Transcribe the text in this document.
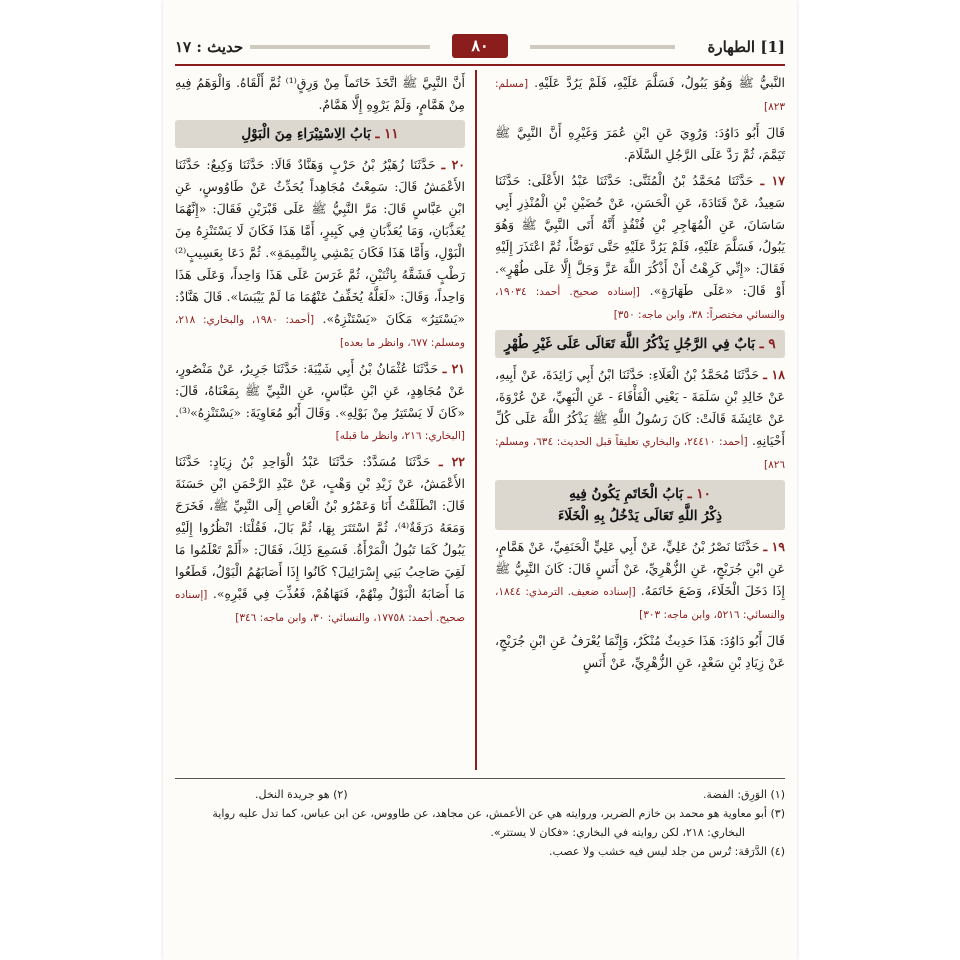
[1] الطهارة
٨٠
حديث : ١٧

النَّبيُّ ﷺ وَهُوَ يَبُولُ، فَسَلَّمَ عَلَيْهِ، فَلَمْ يَرُدَّ عَلَيْهِ. [مسلم: ٨٢٣]

قَالَ أَبُو دَاوُدَ: وَرُوِيَ عَنِ ابْنِ عُمَرَ وَغَيْرِهِ أَنَّ النَّبِيَّ ﷺ تَيَمَّمَ، ثُمَّ رَدَّ عَلَى الرَّجُلِ السَّلَامَ.

١٧ ـ حَدَّثَنَا مُحَمَّدُ بْنُ الْمُثَنَّى: حَدَّثَنَا عَبْدُ الأَعْلَى: حَدَّثَنَا سَعِيدٌ، عَنْ قَتَادَةَ، عَنِ الْحَسَنِ، عَنْ حُضَيْنِ بْنِ الْمُنْذِرِ أَبِي سَاسَانَ، عَنِ الْمُهَاجِرِ بْنِ قُنْفُذٍ أَنَّهُ أَتَى النَّبِيَّ ﷺ وَهُوَ يَبُولُ، فَسَلَّمَ عَلَيْهِ، فَلَمْ يَرُدَّ عَلَيْهِ حَتَّى تَوَضَّأَ، ثُمَّ اعْتَذَرَ إِلَيْهِ فَقَالَ: «إِنِّي كَرِهْتُ أَنْ أَذْكُرَ اللَّهَ عَزَّ وَجَلَّ إِلَّا عَلَى طُهْرٍ». أَوْ قَالَ: «عَلَى طَهَارَةٍ». [إسناده صحيح. أحمد: ١٩٠٣٤، والنسائي مختصراً: ٣٨، وابن ماجه: ٣٥٠]

٩ ـ بَابٌ فِي الرَّجُلِ يَذْكُرُ اللَّهَ تَعَالَى عَلَى غَيْرِ طُهْرٍ

١٨ ـ حَدَّثَنَا مُحَمَّدُ بْنُ الْعَلَاءِ: حَدَّثَنَا ابْنُ أَبِي زَائِدَةَ، عَنْ أَبِيهِ، عَنْ خَالِدِ بْنِ سَلَمَةَ - يَعْنِي الْفَأْفَاءَ - عَنِ الْبَهِيِّ، عَنْ عُرْوَةَ، عَنْ عَائِشَةَ قَالَتْ: كَانَ رَسُولُ اللَّهِ ﷺ يَذْكُرُ اللَّهَ عَلَى كُلِّ أَحْيَانِهِ. [أحمد: ٢٤٤١٠، والبخاري تعليقاً قبل الحديث: ٦٣٤، ومسلم: ٨٢٦]

١٠ ـ بَابُ الْخَاتَمِ يَكُونُ فِيهِ
ذِكْرُ اللَّهِ تَعَالَى يَدْخُلُ بِهِ الْخَلَاءَ

١٩ ـ حَدَّثَنَا نَصْرُ بْنُ عَلِيٍّ، عَنْ أَبِي عَلِيٍّ الْحَنَفِيِّ، عَنْ هَمَّامٍ، عَنِ ابْنِ جُرَيْجٍ، عَنِ الزُّهْرِيِّ، عَنْ أَنَسٍ قَالَ: كَانَ النَّبِيُّ ﷺ إِذَا دَخَلَ الْخَلَاءَ، وَضَعَ خَاتَمَهُ. [إسناده ضعيف. الترمذي: ١٨٤٤، والنسائي: ٥٢١٦، وابن ماجه: ٣٠٣]

قَالَ أَبُو دَاوُدَ: هَذَا حَدِيثٌ مُنْكَرٌ، وَإِنَّمَا يُعْرَفُ عَنِ ابْنِ جُرَيْجٍ، عَنْ زِيَادِ بْنِ سَعْدٍ، عَنِ الزُّهْرِيِّ، عَنْ أَنَسٍ

أَنَّ النَّبِيَّ ﷺ اتَّخَذَ خَاتَماً مِنْ وَرِقٍ⁽¹⁾ ثُمَّ أَلْقَاهُ. وَالْوَهَمُ فِيهِ مِنْ هَمَّامٍ، وَلَمْ يَرْوِهِ إِلَّا هَمَّامٌ.

١١ ـ بَابُ الِاسْتِبْرَاءِ مِنَ الْبَوْلِ

٢٠ ـ حَدَّثَنَا زُهَيْرُ بْنُ حَرْبٍ وَهَنَّادٌ قَالَا: حَدَّثَنَا وَكِيعٌ: حَدَّثَنَا الأَعْمَشُ قَالَ: سَمِعْتُ مُجَاهِداً يُحَدِّثُ عَنْ طَاوُوسٍ، عَنِ ابْنِ عَبَّاسٍ قَالَ: مَرَّ النَّبِيُّ ﷺ عَلَى قَبْرَيْنِ فَقَالَ: «إِنَّهُمَا يُعَذَّبَانِ، وَمَا يُعَذَّبَانِ فِي كَبِيرٍ، أَمَّا هَذَا فَكَانَ لَا يَسْتَنْزِهُ مِنَ الْبَوْلِ، وَأَمَّا هَذَا فَكَانَ يَمْشِي بِالنَّمِيمَةِ». ثُمَّ دَعَا بِعَسِيبٍ⁽²⁾ رَطْبٍ فَشَقَّهُ بِاثْنَيْنِ، ثُمَّ غَرَسَ عَلَى هَذَا وَاحِداً، وَعَلَى هَذَا وَاحِداً، وَقَالَ: «لَعَلَّهُ يُخَفِّفُ عَنْهُمَا مَا لَمْ يَيْبَسَا». قَالَ هَنَّادٌ: «يَسْتَتِرُ» مَكَانَ «يَسْتَنْزِهُ». [أحمد: ١٩٨٠، والبخاري: ٢١٨، ومسلم: ٦٧٧، وانظر ما بعده]

٢١ ـ حَدَّثَنَا عُثْمَانُ بْنُ أَبِي شَيْبَةَ: حَدَّثَنَا جَرِيرٌ، عَنْ مَنْصُورٍ، عَنْ مُجَاهِدٍ، عَنِ ابْنِ عَبَّاسٍ، عَنِ النَّبِيِّ ﷺ بِمَعْنَاهُ، قَالَ: «كَانَ لَا يَسْتَتِرُ مِنْ بَوْلِهِ». وَقَالَ أَبُو مُعَاوِيَةَ: «يَسْتَنْزِهُ»⁽³⁾. [البخاري: ٢١٦، وانظر ما قبله]

٢٢ ـ حَدَّثَنَا مُسَدَّدٌ: حَدَّثَنَا عَبْدُ الْوَاحِدِ بْنُ زِيَادٍ: حَدَّثَنَا الأَعْمَشُ، عَنْ زَيْدِ بْنِ وَهْبٍ، عَنْ عَبْدِ الرَّحْمَنِ ابْنِ حَسَنَةَ قَالَ: انْطَلَقْتُ أَنَا وَعَمْرُو بْنُ الْعَاصِ إِلَى النَّبِيِّ ﷺ، فَخَرَجَ وَمَعَهُ دَرَقَةٌ⁽⁴⁾، ثُمَّ اسْتَتَرَ بِهَا، ثُمَّ بَالَ، فَقُلْنَا: انْظُرُوا إِلَيْهِ يَبُولُ كَمَا تَبُولُ الْمَرْأَةُ. فَسَمِعَ ذَلِكَ، فَقَالَ: «أَلَمْ تَعْلَمُوا مَا لَقِيَ صَاحِبُ بَنِي إِسْرَائِيلَ؟ كَانُوا إِذَا أَصَابَهُمُ الْبَوْلُ، قَطَعُوا مَا أَصَابَهُ الْبَوْلُ مِنْهُمْ، فَنَهَاهُمْ، فَعُذِّبَ فِي قَبْرِهِ». [إسناده صحيح. أحمد: ١٧٧٥٨، والنسائي: ٣٠، وابن ماجه: ٣٤٦]

(١) الوَرِق: الفضة.
(٢) هو جريدة النخل.
(٣) أبو معاوية هو محمد بن خازم الضرير، وروايته هي عن الأعمش، عن مجاهد، عن طاووس، عن ابن عباس، كما تدل عليه رواية
البخاري: ٢١٨، لكن روايته في البخاري: «فكان لا يستتر».
(٤) الدَّرَقة: تُرس من جلد ليس فيه خشب ولا عصب.
